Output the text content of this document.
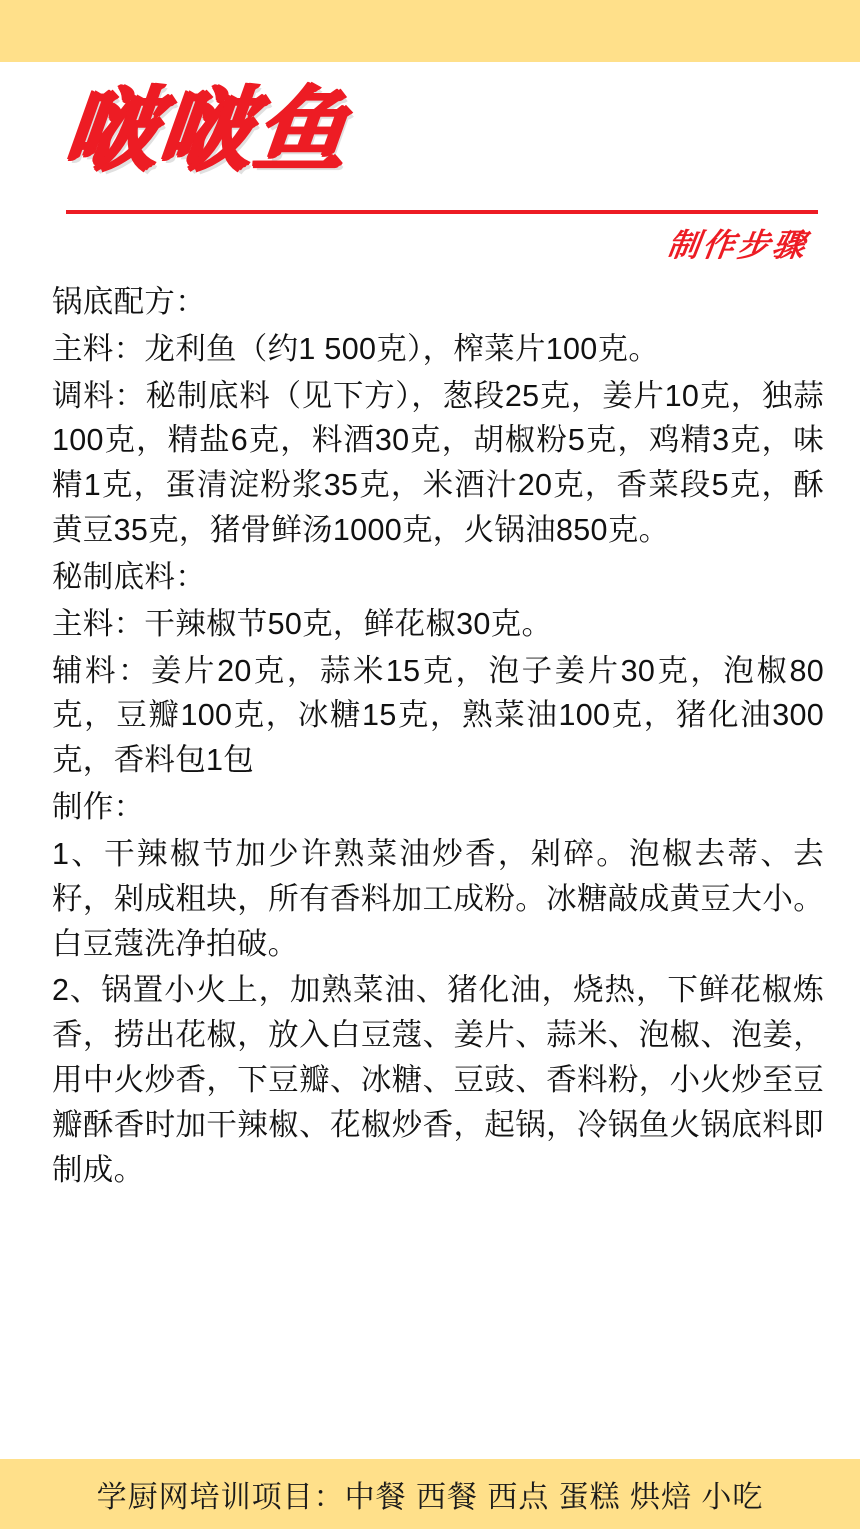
啵啵鱼
制作步骤

锅底配方：

主料：龙利鱼（约1 500克），榨菜片100克。

调料：秘制底料（见下方），葱段25克，姜片10克，独蒜100克，精盐6克，料酒30克，胡椒粉5克，鸡精3克，味精1克，蛋清淀粉浆35克，米酒汁20克，香菜段5克，酥黄豆35克，猪骨鲜汤1000克，火锅油850克。

秘制底料：

主料：干辣椒节50克，鲜花椒30克。

辅料：姜片20克，蒜米15克，泡子姜片30克，泡椒80克，豆瓣100克，冰糖15克，熟菜油100克，猪化油300克，香料包1包

制作：

1、干辣椒节加少许熟菜油炒香，剁碎。泡椒去蒂、去籽，剁成粗块，所有香料加工成粉。冰糖敲成黄豆大小。白豆蔻洗净拍破。

2、锅置小火上，加熟菜油、猪化油，烧热，下鲜花椒炼香，捞出花椒，放入白豆蔻、姜片、蒜米、泡椒、泡姜，用中火炒香，下豆瓣、冰糖、豆豉、香料粉，小火炒至豆瓣酥香时加干辣椒、花椒炒香，起锅，冷锅鱼火锅底料即制成。

学厨网培训项目：中餐 西餐 西点 蛋糕 烘焙 小吃
